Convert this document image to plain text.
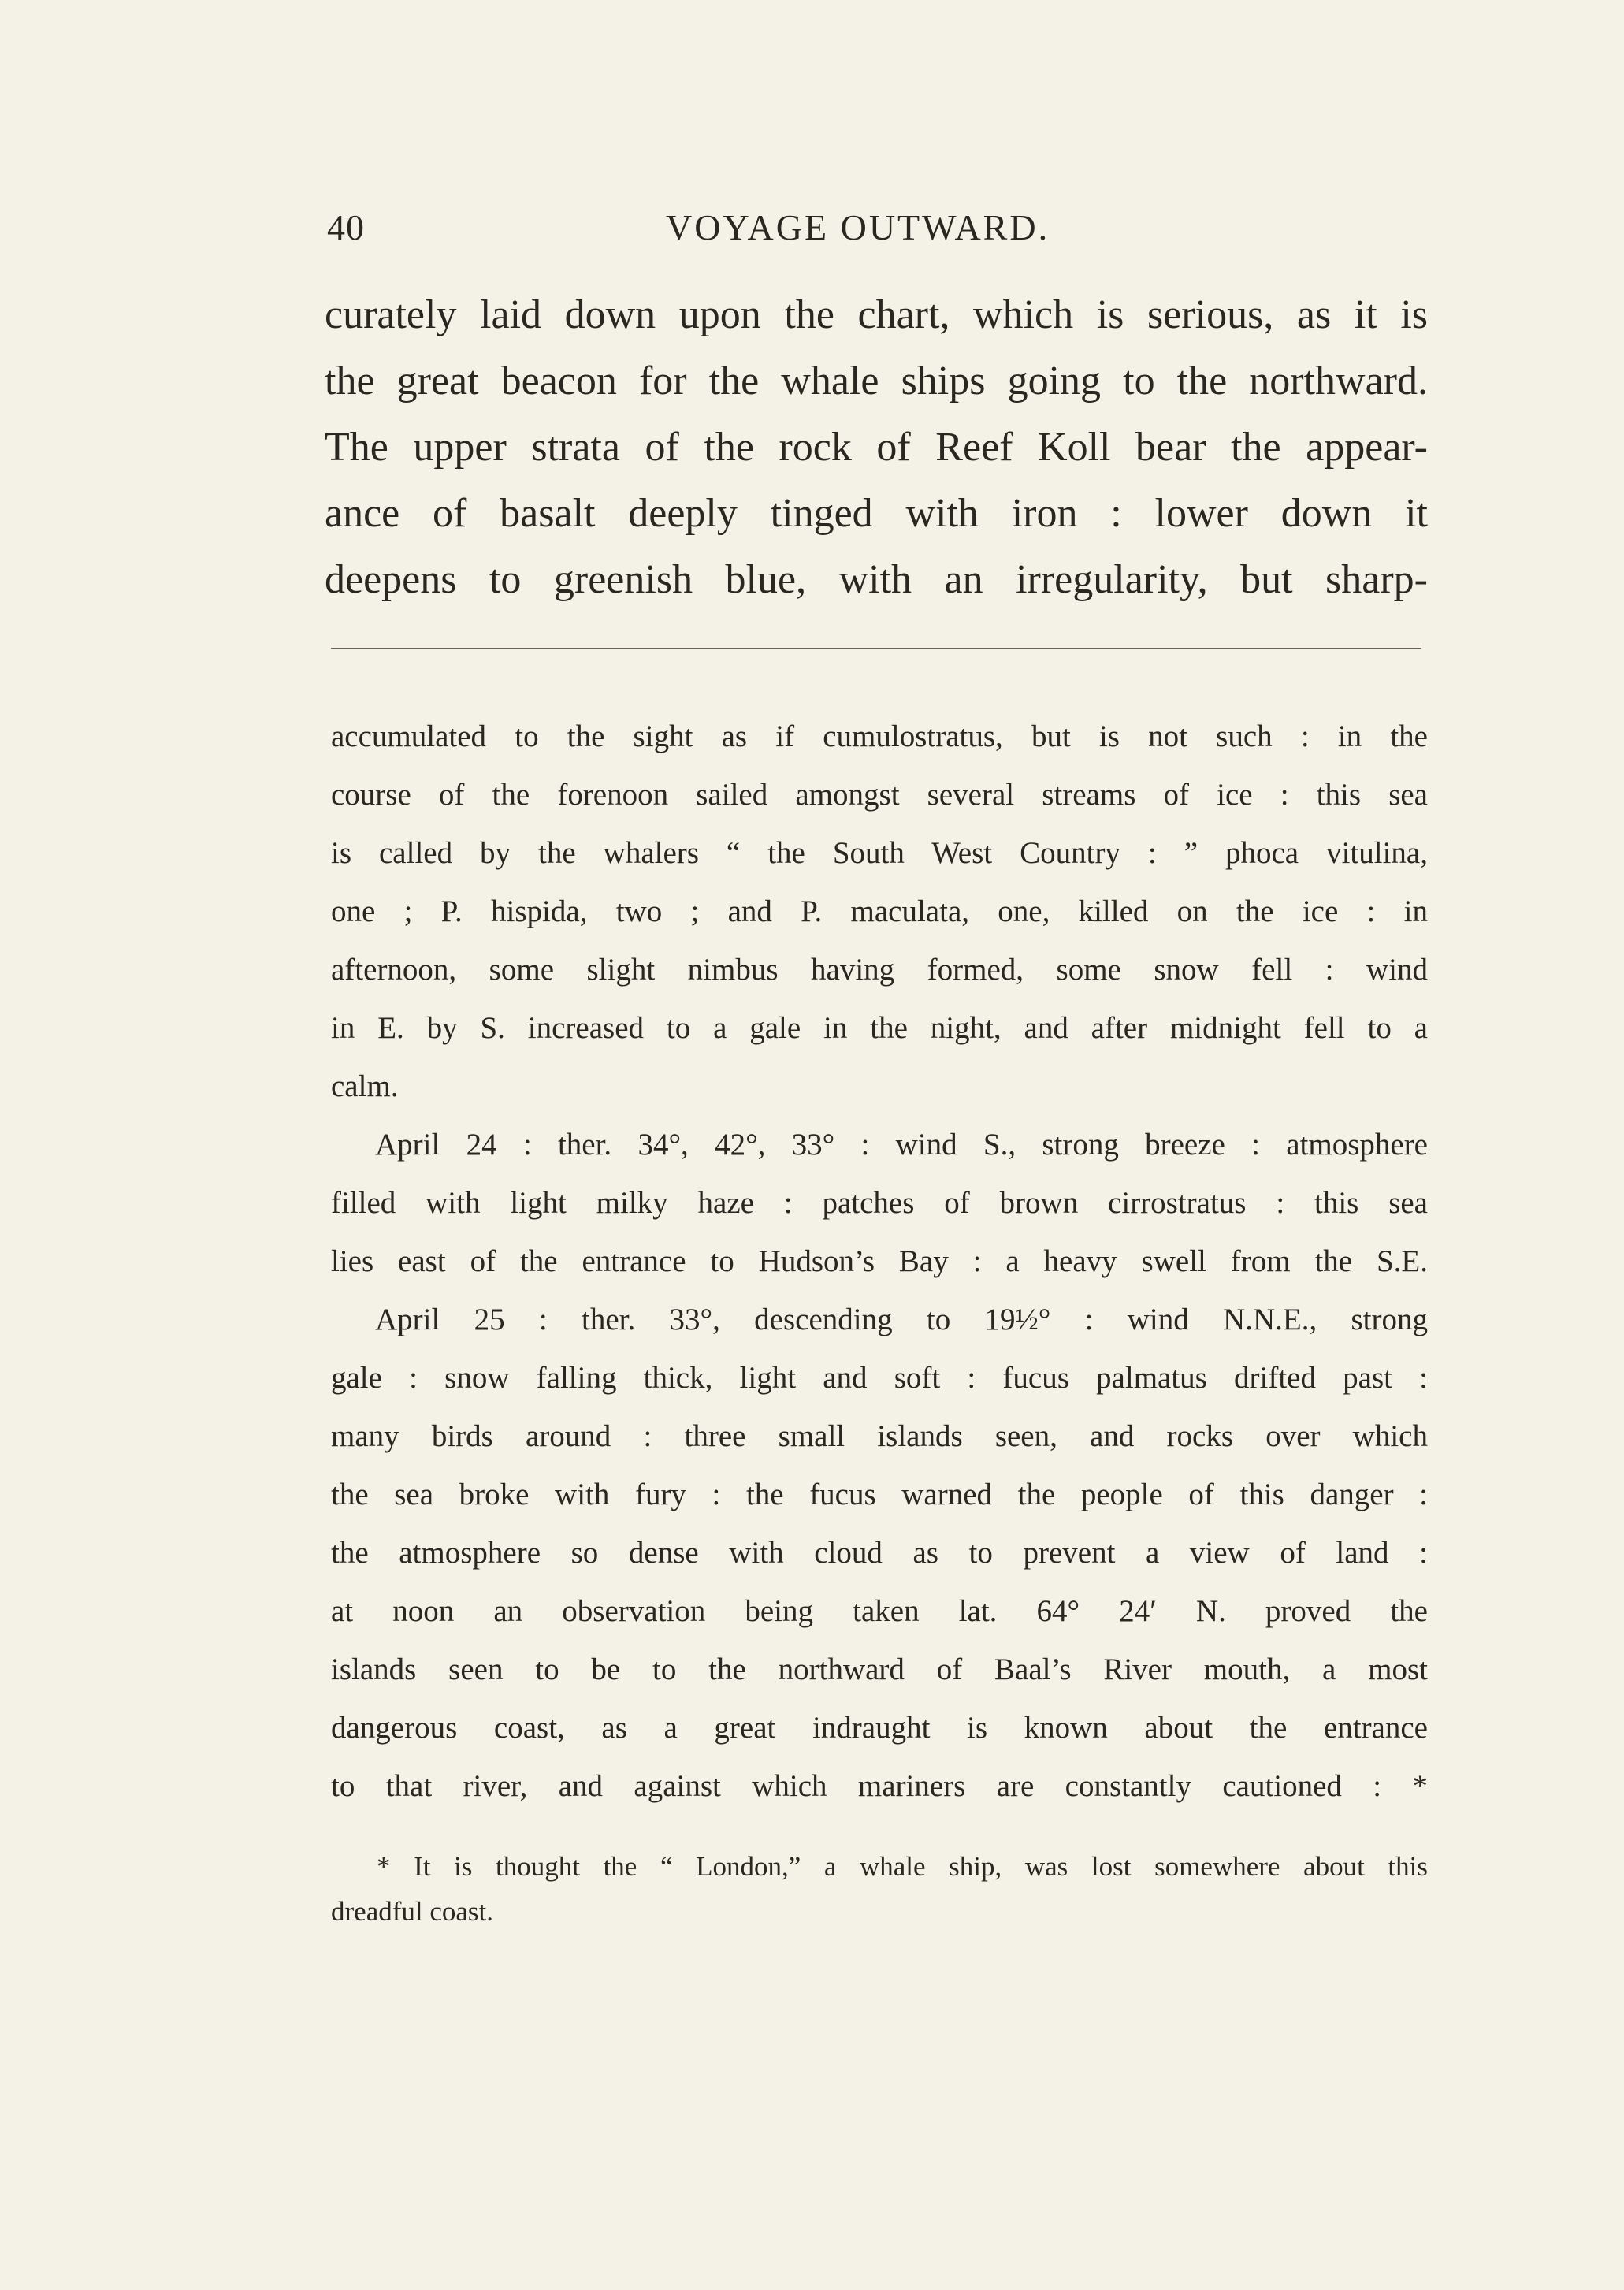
40	VOYAGE OUTWARD.
curately laid down upon the chart, which is serious, as it is
the great beacon for the whale ships going to the northward.
The upper strata of the rock of Reef Koll bear the appear-
ance of basalt deeply tinged with iron : lower down it
deepens to greenish blue, with an irregularity, but sharp-
accumulated to the sight as if cumulostratus, but is not such : in the
course of the forenoon sailed amongst several streams of ice : this sea
is called by the whalers “ the South West Country : ” phoca vitulina,
one ; P. hispida, two ; and P. maculata, one, killed on the ice : in
afternoon, some slight nimbus having formed, some snow fell : wind
in E. by S. increased to a gale in the night, and after midnight fell to a
calm.
April 24 : ther. 34°, 42°, 33° : wind S., strong breeze : atmosphere
filled with light milky haze : patches of brown cirrostratus : this sea
lies east of the entrance to Hudson’s Bay : a heavy swell from the S.E.
April 25 : ther. 33°, descending to 19½° : wind N.N.E., strong
gale : snow falling thick, light and soft : fucus palmatus drifted past :
many birds around : three small islands seen, and rocks over which
the sea broke with fury : the fucus warned the people of this danger :
the atmosphere so dense with cloud as to prevent a view of land :
at noon an observation being taken lat. 64° 24′ N. proved the
islands seen to be to the northward of Baal’s River mouth, a most
dangerous coast, as a great indraught is known about the entrance
to that river, and against which mariners are constantly cautioned : *
* It is thought the “ London,” a whale ship, was lost somewhere about this
dreadful coast.
